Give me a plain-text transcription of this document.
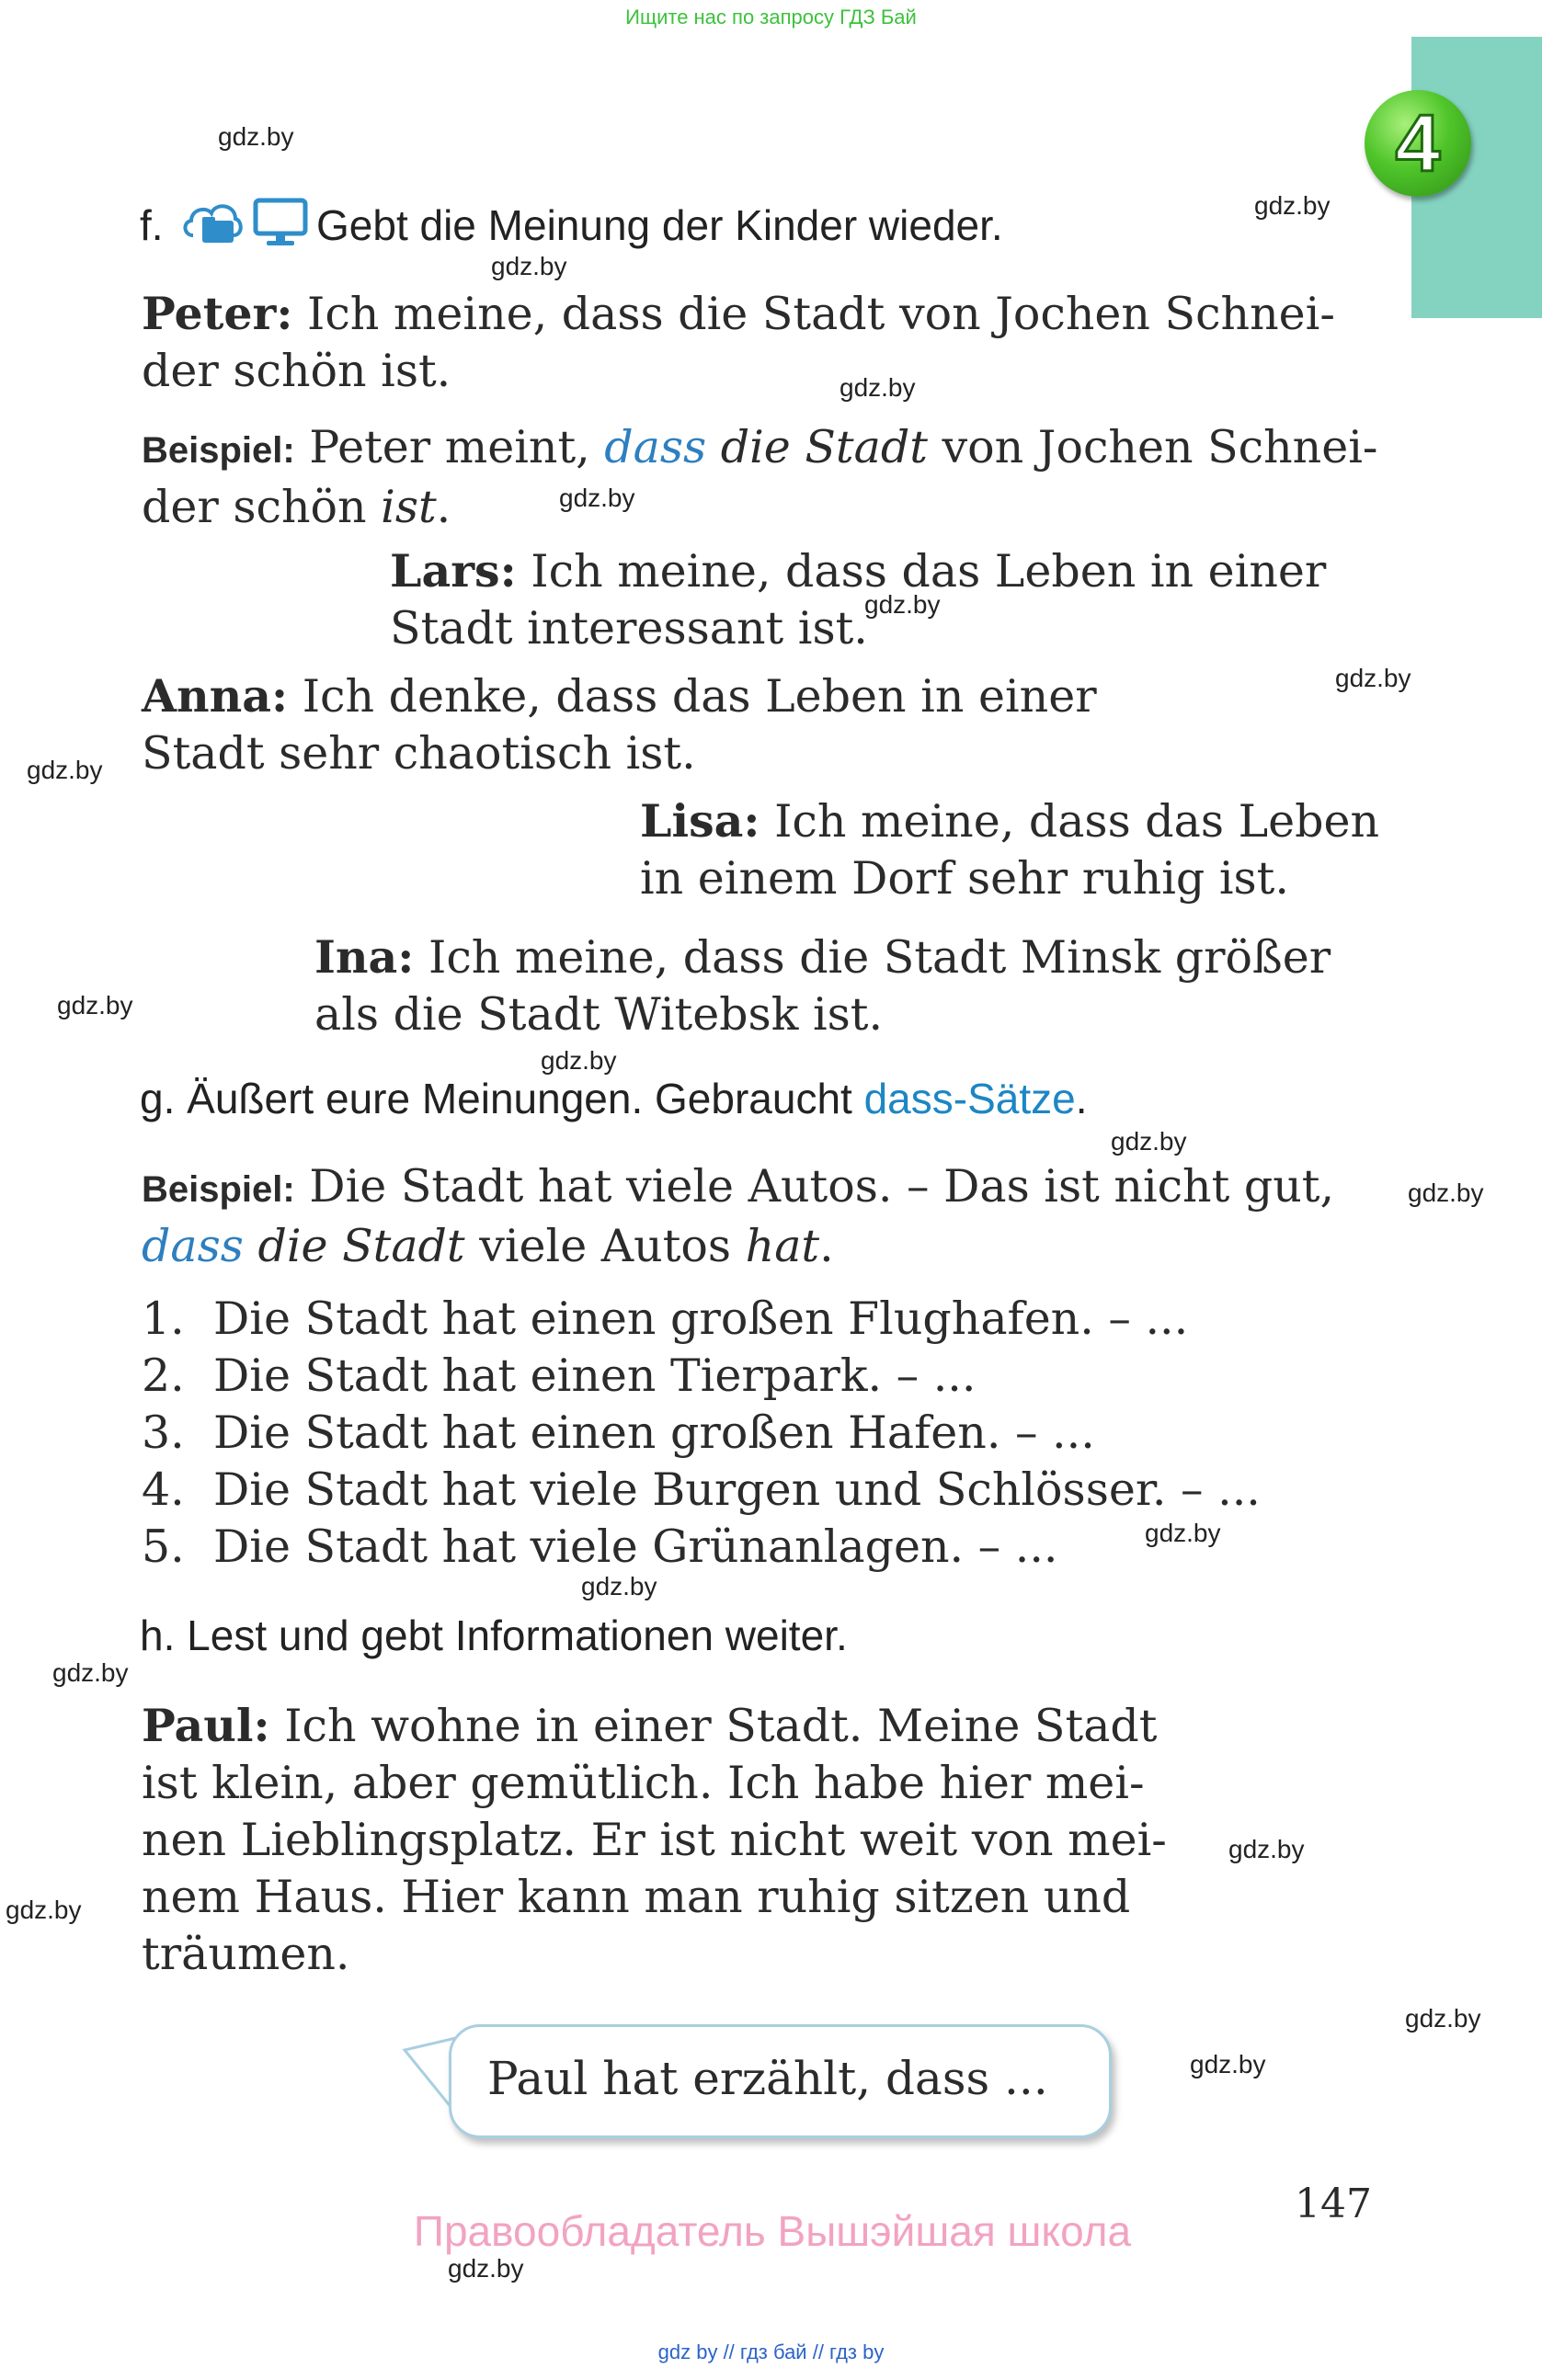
Ищите нас по запросу ГДЗ Бай
4
gdz.by
gdz.by
gdz.by
gdz.by
gdz.by
gdz.by
gdz.by
gdz.by
gdz.by
gdz.by
gdz.by
gdz.by
gdz.by
gdz.by
gdz.by
gdz.by
gdz.by
gdz.by
gdz.by
gdz.by
f.	Gebt die Meinung der Kinder wieder.
Peter: Ich meine, dass die Stadt von Jochen Schnei-
der schön ist.
Beispiel: Peter meint, dass die Stadt von Jochen Schnei-
der schön ist.
Lars: Ich meine, dass das Leben in einer
Stadt interessant ist.
Anna: Ich denke, dass das Leben in einer
Stadt sehr chaotisch ist.
Lisa: Ich meine, dass das Leben
in einem Dorf sehr ruhig ist.
Ina: Ich meine, dass die Stadt Minsk größer
als die Stadt Witebsk ist.
g. Äußert eure Meinungen. Gebraucht dass-Sätze.
Beispiel: Die Stadt hat viele Autos. – Das ist nicht gut,
dass die Stadt viele Autos hat.
1. Die Stadt hat einen großen Flughafen. – ...
2. Die Stadt hat einen Tierpark. – ...
3. Die Stadt hat einen großen Hafen. – ...
4. Die Stadt hat viele Burgen und Schlösser. – ...
5. Die Stadt hat viele Grünanlagen. – ...
h. Lest und gebt Informationen weiter.
Paul: Ich wohne in einer Stadt. Meine Stadt
ist klein, aber gemütlich. Ich habe hier mei-
nen Lieblingsplatz. Er ist nicht weit von mei-
nem Haus. Hier kann man ruhig sitzen und
träumen.
Paul hat erzählt, dass ...
147
Правообладатель Вышэйшая школа
gdz by // гдз бай // гдз by
